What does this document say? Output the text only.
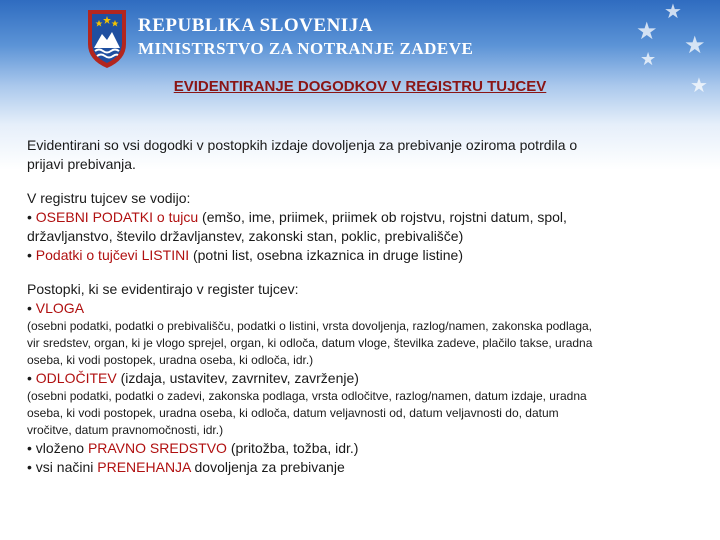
REPUBLIKA SLOVENIJA
MINISTRSTVO ZA NOTRANJE ZADEVE
★
★
★
★
★
EVIDENTIRANJE DOGODKOV V REGISTRU TUJCEV

Evidentirani so vsi dogodki v postopkih izdaje dovoljenja za prebivanje oziroma potrdila o

prijavi prebivanja.

V registru tujcev se vodijo:

• OSEBNI PODATKI o tujcu (emšo, ime, priimek, priimek ob rojstvu, rojstni datum, spol,

državljanstvo, število državljanstev, zakonski stan, poklic, prebivališče)

• Podatki o tujčevi LISTINI (potni list, osebna izkaznica in druge listine)

Postopki, ki se evidentirajo v register tujcev:

• VLOGA

(osebni podatki, podatki o prebivališču, podatki o listini, vrsta dovoljenja, razlog/namen, zakonska podlaga,

vir sredstev, organ, ki je vlogo sprejel, organ, ki odloča, datum vloge, številka zadeve, plačilo takse, uradna

oseba, ki vodi postopek, uradna oseba, ki odloča, idr.)

• ODLOČITEV (izdaja, ustavitev, zavrnitev, zavrženje)

(osebni podatki, podatki o zadevi, zakonska podlaga, vrsta odločitve, razlog/namen, datum izdaje, uradna

oseba, ki vodi postopek, uradna oseba, ki odloča, datum veljavnosti od, datum veljavnosti do, datum

vročitve, datum pravnomočnosti, idr.)

• vloženo PRAVNO SREDSTVO (pritožba, tožba, idr.)

• vsi načini PRENEHANJA dovoljenja za prebivanje
